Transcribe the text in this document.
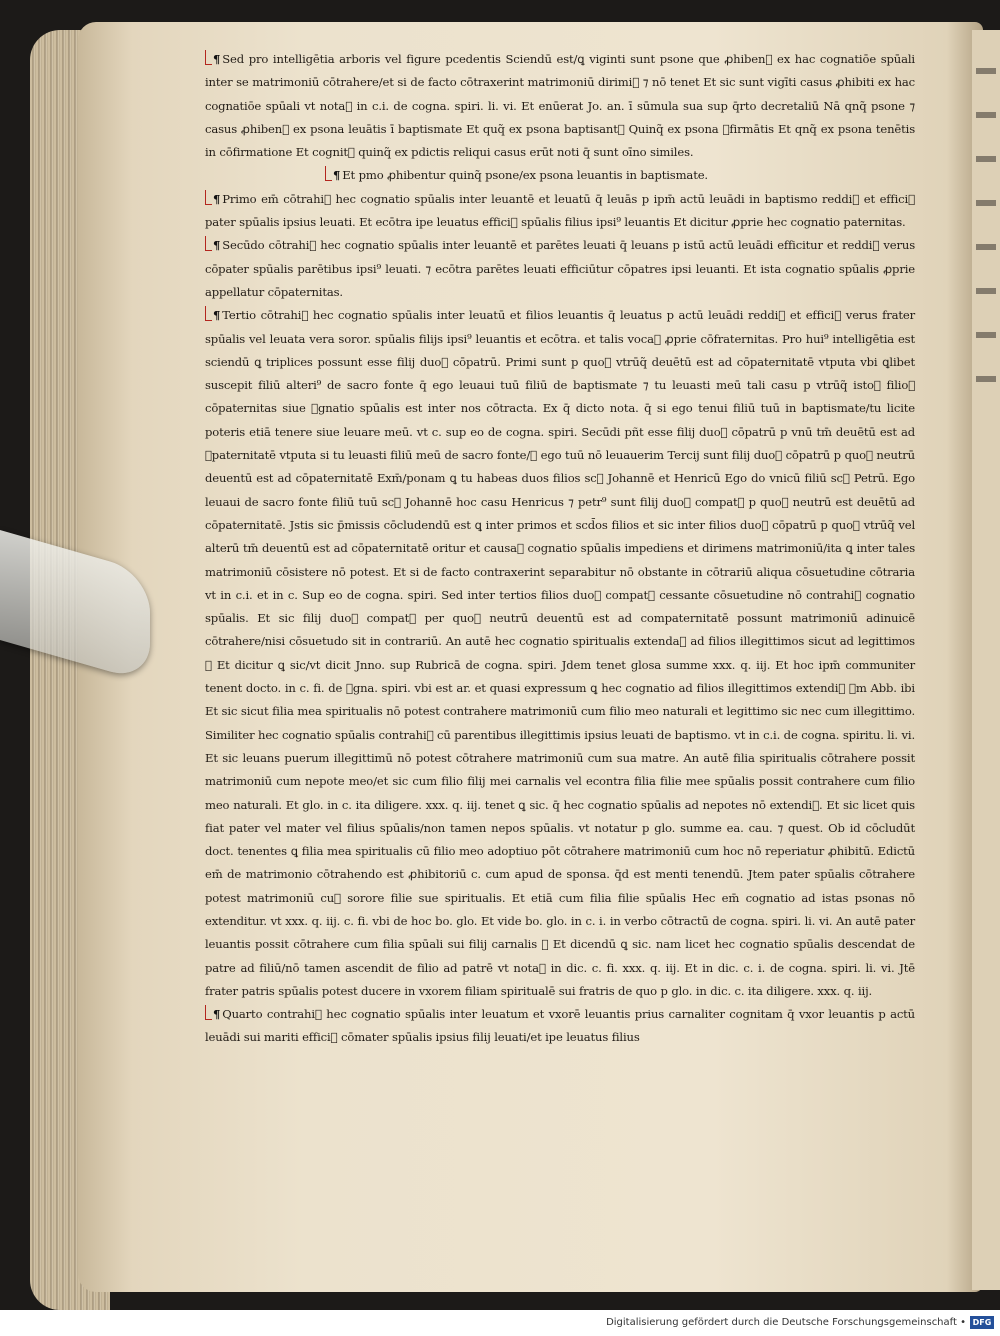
¶ Sed pro intelligētia arboris vel figure pcedentis Sciendū est/ꝗ viginti sunt psone que ꝓhibenᷓ ex hac cognatiōe spūali inter se matrimoniū cōtrahere/et si de facto cōtraxerint matrimoniū dirimiᷓ ⁊ nō tenet Et sic sunt vigīti casus ꝓhibiti ex hac cognatiōe spūali vt notaᷓ in c.i. de cogna. spiri. li. vi. Et enūerat Jo. an. ī sūmula sua sup q̄rto decretaliū Nā qnq̃ psone ⁊ casus ꝓhibenᷓ ex psona leuātis ī baptismate Et quq̃ ex psona baptisantꝭ Quinq̃ ex psona ꝯfirmātis Et qnq̃ ex psona tenētis in cōfirmatione Et cognitꝭ quinq̃ ex pdictis reliqui casus erūt noti q̄ sunt oīno similes.

¶ Et pmo ꝓhibentur quinq̃ psone/ex psona leuantis in baptismate.

¶ Primo em̄ cōtrahiᷓ hec cognatio spūalis inter leuantē et leuatū q̄ leuās p ipm̄ actū leuādi in baptismo reddiᷓ et efficiᷓ pater spūalis ipsius leuati. Et ecōtra ipe leuatus efficiᷓ spūalis filius ipsi⁹ leuantis Et dicitur ꝓprie hec cognatio paternitas.

¶ Secūdo cōtrahiᷓ hec cognatio spūalis inter leuantē et parētes leuati q̄ leuans p istū actū leuādi efficitur et reddiᷓ verus cōpater spūalis parētibus ipsi⁹ leuati. ⁊ ecōtra parētes leuati efficiūtur cōpatres ipsi leuanti. Et ista cognatio spūalis ꝓprie appellatur cōpaternitas.

¶ Tertio cōtrahiᷓ hec cognatio spūalis inter leuatū et filios leuantis q̄ leuatus p actū leuādi reddiᷓ et efficiᷓ verus frater spūalis vel leuata vera soror. spūalis filijs ipsi⁹ leuantis et ecōtra. et talis vocaᷓ ꝓprie cōfraternitas. Pro hui⁹ intelligētia est sciendū ꝗ triplices possunt esse filij duoꝝ cōpatrū. Primi sunt p quoꝝ vtrūq̃ deuētū est ad cōpaternitatē vtputa vbi ꝗlibet suscepit filiū alteri⁹ de sacro fonte q̄ ego leuaui tuū filiū de baptismate ⁊ tu leuasti meū tali casu p vtrūq̃ istoꝝ filioꝝ cōpaternitas siue ꝯgnatio spūalis est inter nos cōtracta. Ex q̄ dicto nota. q̄ si ego tenui filiū tuū in baptismate/tu licite poteris etiā tenere siue leuare meū. vt c. sup eo de cogna. spiri. Secūdi pñt esse filij duoꝝ cōpatrū p vnū tm̄ deuētū est ad ꝯpaternitatē vtputa si tu leuasti filiū meū de sacro fonte/ꝫ ego tuū nō leuauerim Tercij sunt filij duoꝝ cōpatrū p quoꝝ neutrū deuentū est ad cōpaternitatē Exm̄/ponam ꝗ tu habeas duos filios scꝫ Johannē et Henricū Ego do vnicū filiū scꝫ Petrū. Ego leuaui de sacro fonte filiū tuū scꝫ Johannē hoc casu Henricus ⁊ petr⁹ sunt filij duoꝝ compatꝝ p quoꝝ neutrū est deuētū ad cōpaternitatē. Jstis sic p̄missis cōcludendū est ꝗ inter primos et scd̄os filios et sic inter filios duoꝝ cōpatrū p quoꝝ vtrūq̃ vel alterū tm̄ deuentū est ad cōpaternitatē oritur et causaᷓ cognatio spūalis impediens et dirimens matrimoniū/ita ꝗ inter tales matrimoniū cōsistere nō potest. Et si de facto contraxerint separabitur nō obstante in cōtrariū aliqua cōsuetudine cōtraria vt in c.i. et in c. Sup eo de cogna. spiri. Sed inter tertios filios duoꝝ compatꝝ cessante cōsuetudine nō contrahiᷓ cognatio spūalis. Et sic filij duoꝝ compatꝝ per quoꝝ neutrū deuentū est ad compaternitatē possunt matrimoniū adinuicē cōtrahere/nisi cōsuetudo sit in contrariū. An autē hec cognatio spiritualis extendaᷓ ad filios illegittimos sicut ad legittimos ꝫ Et dicitur ꝗ sic/vt dicit Jnno. sup Rubricā de cogna. spiri. Jdem tenet glosa summe xxx. q. iij. Et hoc ipm̄ communiter tenent docto. in c. fi. de ꝯgna. spiri. vbi est ar. et quasi expressum ꝗ hec cognatio ad filios illegittimos extendiᷓ ꝫm Abb. ibi Et sic sicut filia mea spiritualis nō potest contrahere matrimoniū cum filio meo naturali et legittimo sic nec cum illegittimo. Similiter hec cognatio spūalis contrahiᷓ cū parentibus illegittimis ipsius leuati de baptismo. vt in c.i. de cogna. spiritu. li. vi. Et sic leuans puerum illegittimū nō potest cōtrahere matrimoniū cum sua matre. An autē filia spiritualis cōtrahere possit matrimoniū cum nepote meo/et sic cum filio filij mei carnalis vel econtra filia filie mee spūalis possit contrahere cum filio meo naturali. Et glo. in c. ita diligere. xxx. q. iij. tenet ꝗ sic. q̄ hec cognatio spūalis ad nepotes nō extendiᷓ. Et sic licet quis fiat pater vel mater vel filius spūalis/non tamen nepos spūalis. vt notatur p glo. summe ea. cau. ⁊ quest. Ob id cōcludūt doct. tenentes ꝗ filia mea spiritualis cū filio meo adoptiuo pōt cōtrahere matrimoniū cum hoc nō reperiatur ꝓhibitū. Edictū em̄ de matrimonio cōtrahendo est ꝓhibitoriū c. cum apud de sponsa. q̄d est menti tenendū. Jtem pater spūalis cōtrahere potest matrimoniū cuꝫ sorore filie sue spiritualis. Et etiā cum filia filie spūalis Hec em̄ cognatio ad istas psonas nō extenditur. vt xxx. q. iij. c. fi. vbi de hoc bo. glo. Et vide bo. glo. in c. i. in verbo cōtractū de cogna. spiri. li. vi. An autē pater leuantis possit cōtrahere cum filia spūali sui filij carnalis ꝫ Et dicendū ꝗ sic. nam licet hec cognatio spūalis descendat de patre ad filiū/nō tamen ascendit de filio ad patrē vt notaᷓ in dic. c. fi. xxx. q. iij. Et in dic. c. i. de cogna. spiri. li. vi. Jtē frater patris spūalis potest ducere in vxorem filiam spiritualē sui fratris de quo p glo. in dic. c. ita diligere. xxx. q. iij.

¶ Quarto contrahiᷓ hec cognatio spūalis inter leuatum et vxorē leuantis prius carnaliter cognitam q̄ vxor leuantis p actū leuādi sui mariti efficiᷓ cōmater spūalis ipsius filij leuati/et ipe leuatus filius

Digitalisierung gefördert durch die Deutsche Forschungsgemeinschaft • DFG
